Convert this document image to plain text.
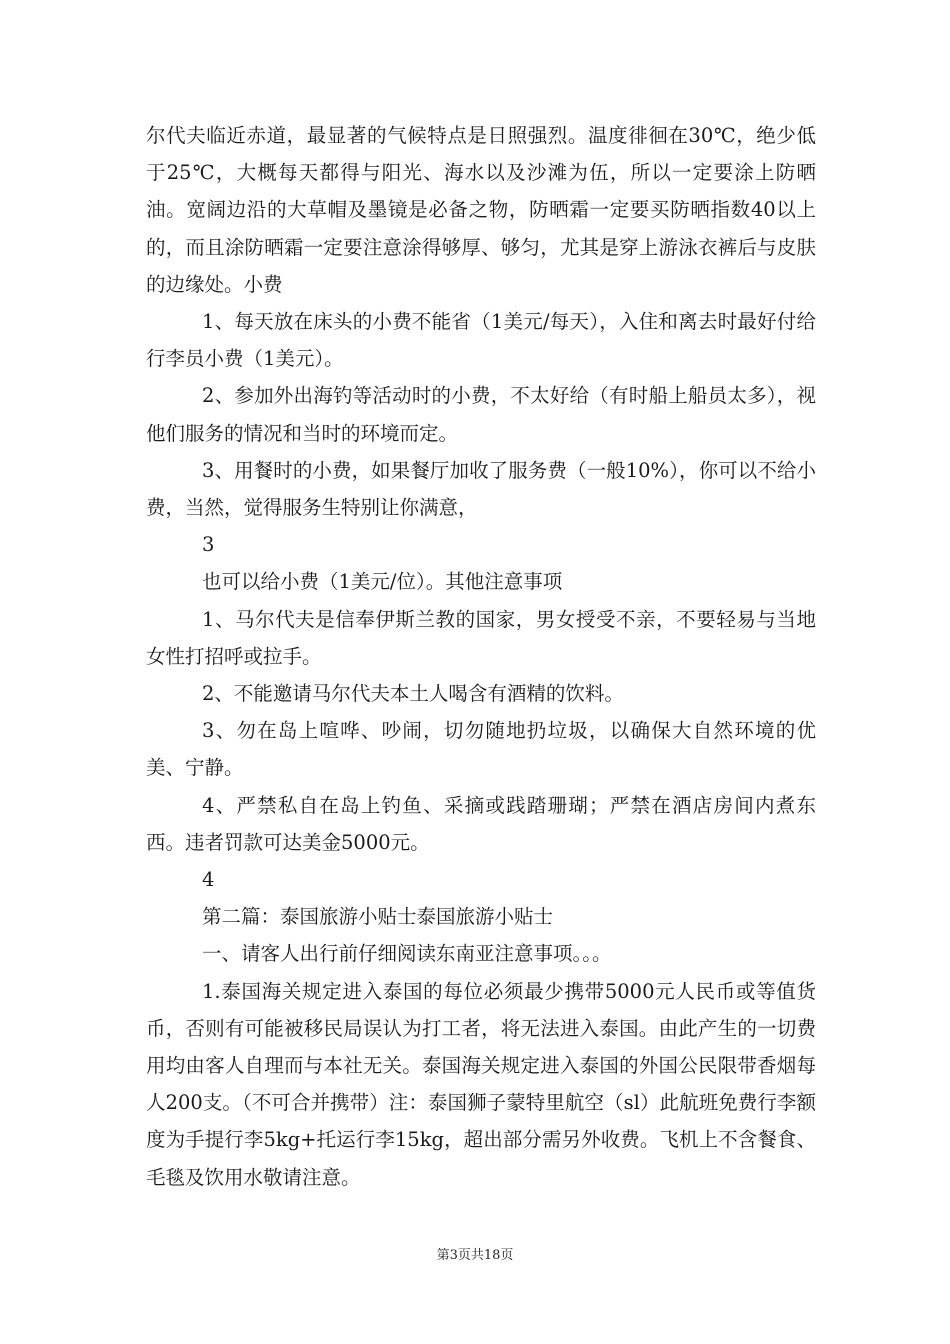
尔代夫临近赤道，最显著的气候特点是日照强烈。温度徘徊在30℃，绝少低于25℃，大概每天都得与阳光、海水以及沙滩为伍，所以一定要涂上防晒油。宽阔边沿的大草帽及墨镜是必备之物，防晒霜一定要买防晒指数40以上的，而且涂防晒霜一定要注意涂得够厚、够匀，尤其是穿上游泳衣裤后与皮肤的边缘处。小费

1、每天放在床头的小费不能省（1美元/每天），入住和离去时最好付给行李员小费（1美元）。

2、参加外出海钓等活动时的小费，不太好给（有时船上船员太多），视他们服务的情况和当时的环境而定。

3、用餐时的小费，如果餐厅加收了服务费（一般10%），你可以不给小费，当然，觉得服务生特别让你满意，

3

也可以给小费（1美元/位）。其他注意事项

1、马尔代夫是信奉伊斯兰教的国家，男女授受不亲，不要轻易与当地女性打招呼或拉手。

2、不能邀请马尔代夫本土人喝含有酒精的饮料。

3、勿在岛上喧哗、吵闹，切勿随地扔垃圾，以确保大自然环境的优美、宁静。

4、严禁私自在岛上钓鱼、采摘或践踏珊瑚；严禁在酒店房间内煮东西。违者罚款可达美金5000元。

4

第二篇：泰国旅游小贴士泰国旅游小贴士

一、请客人出行前仔细阅读东南亚注意事项。。。

1.泰国海关规定进入泰国的每位必须最少携带5000元人民币或等值货币，否则有可能被移民局误认为打工者，将无法进入泰国。由此产生的一切费用均由客人自理而与本社无关。泰国海关规定进入泰国的外国公民限带香烟每人200支。（不可合并携带）注：泰国狮子蒙特里航空（sl）此航班免费行李额度为手提行李5kg+托运行李15kg，超出部分需另外收费。飞机上不含餐食、毛毯及饮用水敬请注意。

第3页共18页
